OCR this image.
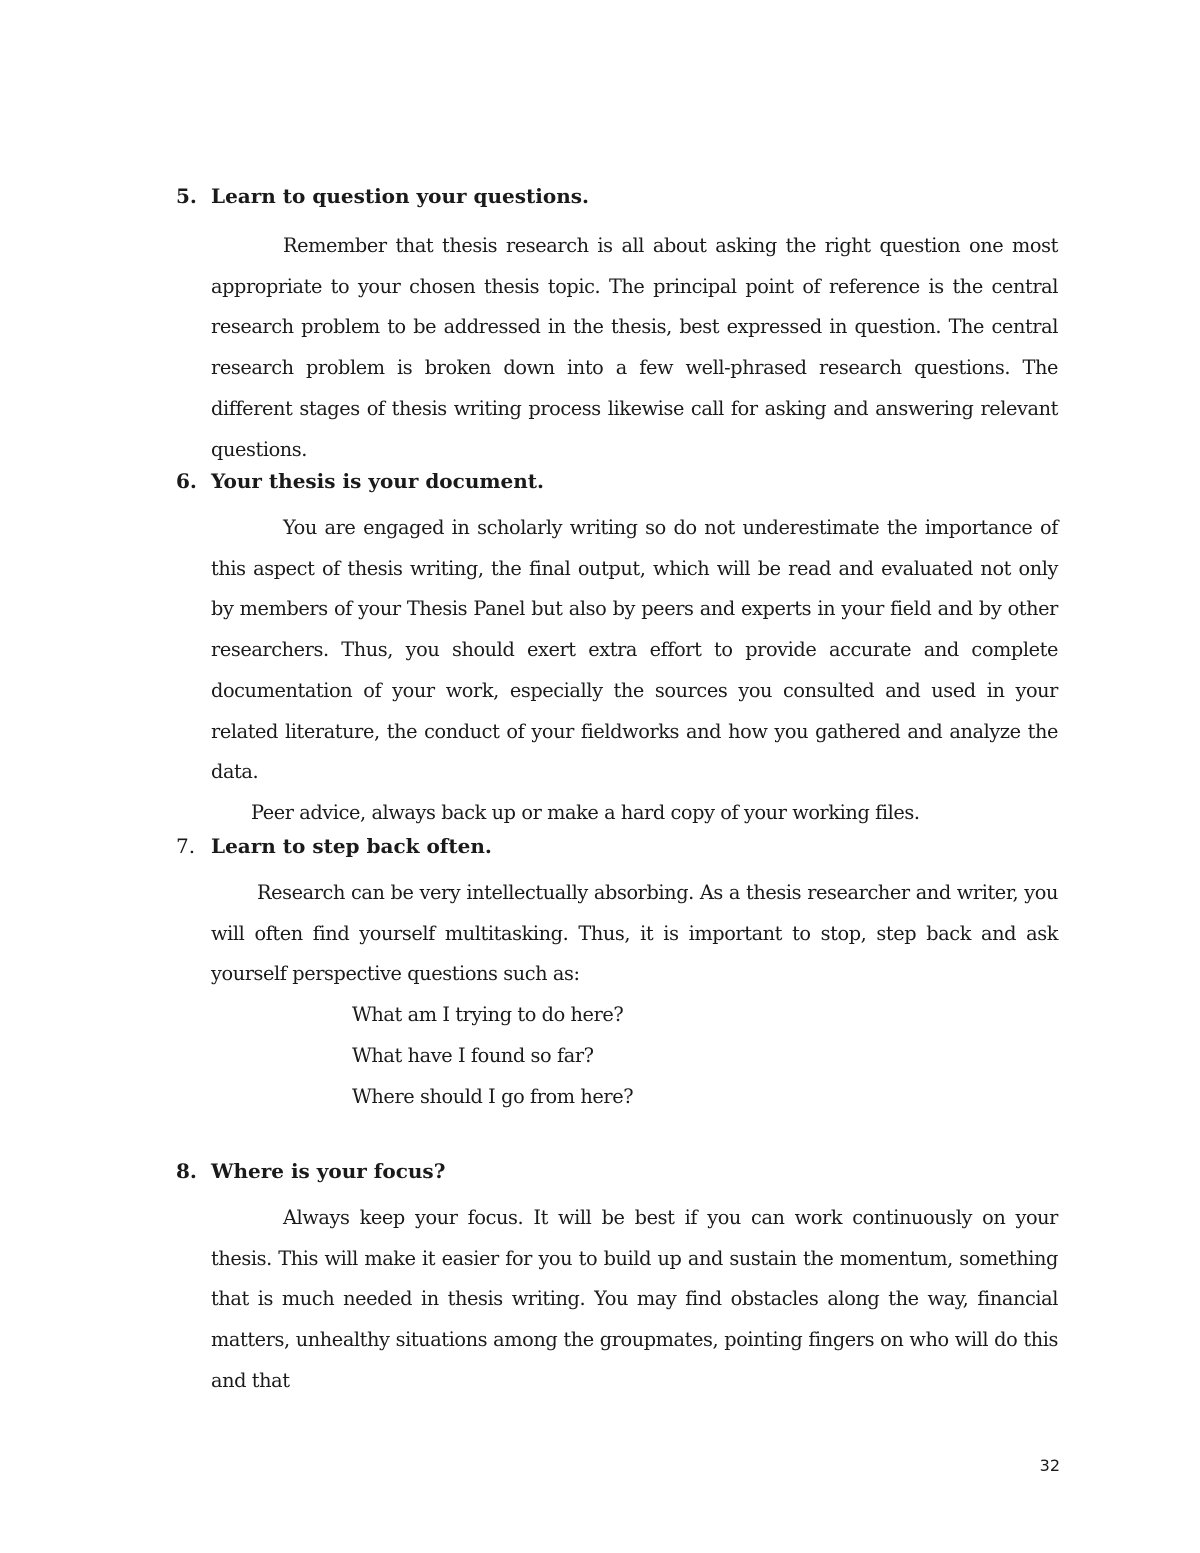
5. Learn to question your questions.
Remember that thesis research is all about asking the right question one most appropriate to your chosen thesis topic. The principal point of reference is the central research problem to be addressed in the thesis, best expressed in question. The central research problem is broken down into a few well-phrased research questions. The different stages of thesis writing process likewise call for asking and answering relevant questions.
6. Your thesis is your document.
You are engaged in scholarly writing so do not underestimate the importance of this aspect of thesis writing, the final output, which will be read and evaluated not only by members of your Thesis Panel but also by peers and experts in your field and by other researchers. Thus, you should exert extra effort to provide accurate and complete documentation of your work, especially the sources you consulted and used in your related literature, the conduct of your fieldworks and how you gathered and analyze the data.
Peer advice, always back up or make a hard copy of your working files.
7. Learn to step back often.
Research can be very intellectually absorbing. As a thesis researcher and writer, you will often find yourself multitasking. Thus, it is important to stop, step back and ask yourself perspective questions such as:
What am I trying to do here?
What have I found so far?
Where should I go from here?
8. Where is your focus?
Always keep your focus. It will be best if you can work continuously on your thesis. This will make it easier for you to build up and sustain the momentum, something that is much needed in thesis writing. You may find obstacles along the way, financial matters, unhealthy situations among the groupmates, pointing fingers on who will do this and that
32
